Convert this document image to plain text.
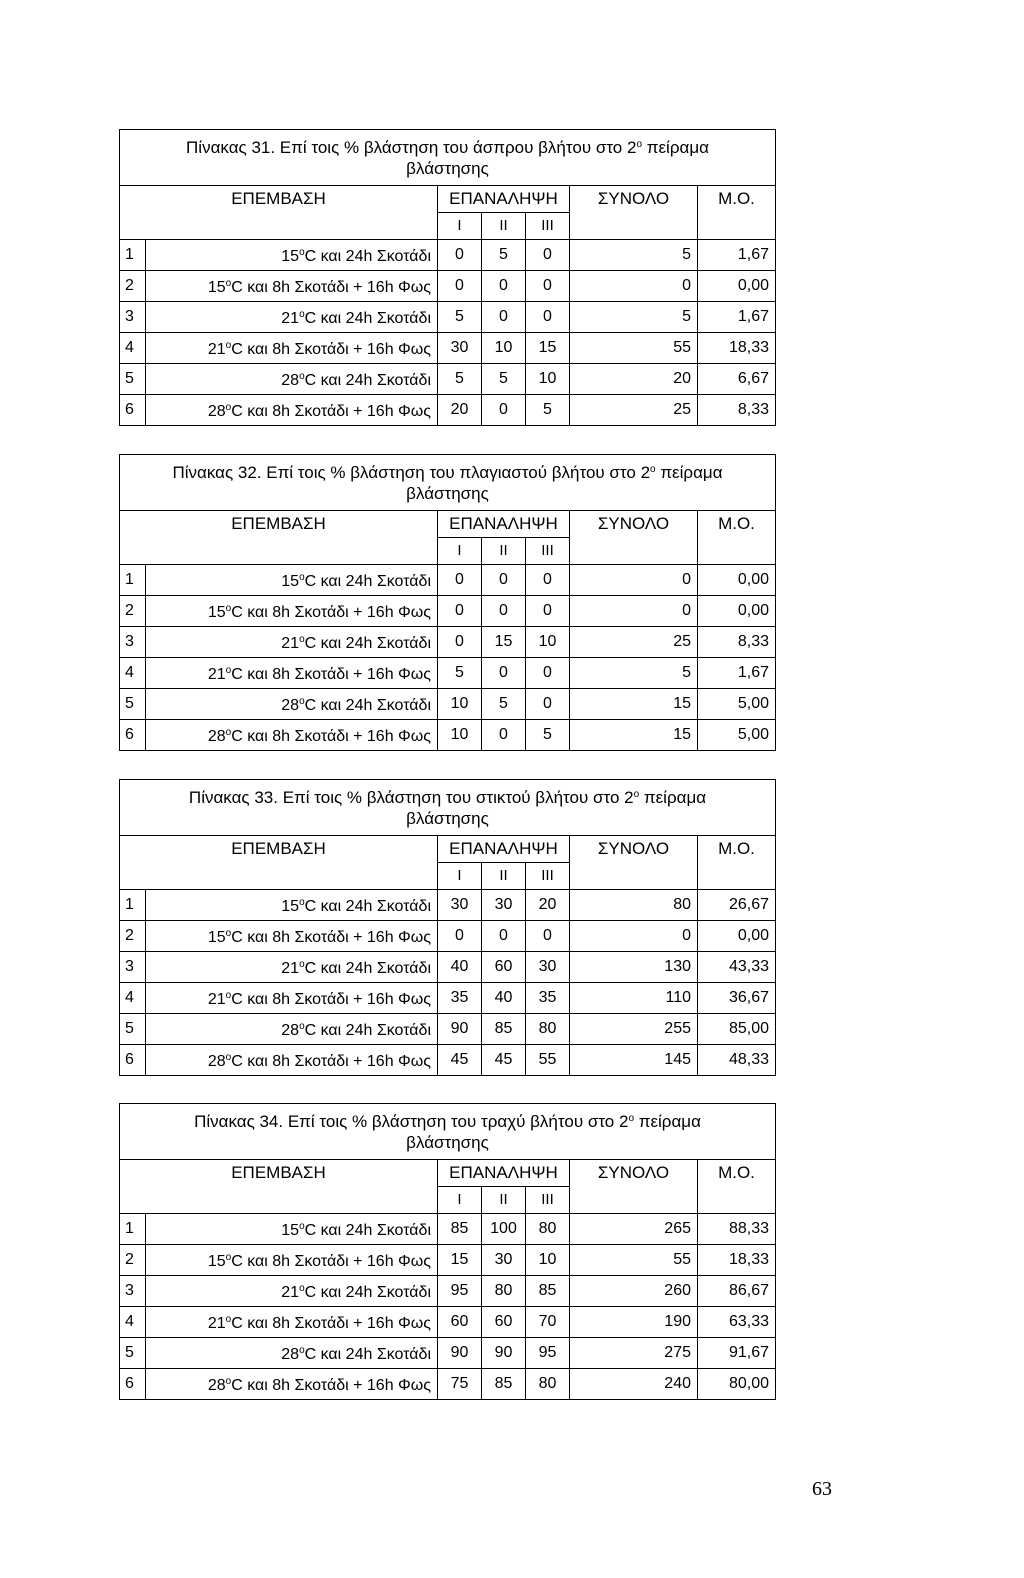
Πίνακας 31. Επί τοις % βλάστηση του άσπρου βλήτου στο $2^o$ πείραμα βλάστησης						
ΕΠΕΜΒΑΣΗ		ΕΠΑΝΑΛΗΨΗ			ΣΥΝΟΛΟ	Μ.Ο.
		I	II	III		
1	15$^o$C και 24h Σκοτάδι	0	5	0	5	1,67
2	15$^o$C και 8h Σκοτάδι + 16h Φως	0	0	0	0	0,00
3	21$^o$C και 24h Σκοτάδι	5	0	0	5	1,67
4	21$^o$C και 8h Σκοτάδι + 16h Φως	30	10	15	55	18,33
5	28$^o$C και 24h Σκοτάδι	5	5	10	20	6,67
6	28$^o$C και 8h Σκοτάδι + 16h Φως	20	0	5	25	8,33
Πίνακας 32. Επί τοις % βλάστηση του πλαγιαστού βλήτου στο $2^o$ πείραμα βλάστησης						
ΕΠΕΜΒΑΣΗ		ΕΠΑΝΑΛΗΨΗ			ΣΥΝΟΛΟ	Μ.Ο.
		I	II	III		
1	15$^o$C και 24h Σκοτάδι	0	0	0	0	0,00
2	15$^o$C και 8h Σκοτάδι + 16h Φως	0	0	0	0	0,00
3	21$^o$C και 24h Σκοτάδι	0	15	10	25	8,33
4	21$^o$C και 8h Σκοτάδι + 16h Φως	5	0	0	5	1,67
5	28$^o$C και 24h Σκοτάδι	10	5	0	15	5,00
6	28$^o$C και 8h Σκοτάδι + 16h Φως	10	0	5	15	5,00
Πίνακας 33. Επί τοις % βλάστηση του στικτού βλήτου στο $2^o$ πείραμα βλάστησης						
ΕΠΕΜΒΑΣΗ		ΕΠΑΝΑΛΗΨΗ			ΣΥΝΟΛΟ	Μ.Ο.
		I	II	III		
1	15$^o$C και 24h Σκοτάδι	30	30	20	80	26,67
2	15$^o$C και 8h Σκοτάδι + 16h Φως	0	0	0	0	0,00
3	21$^o$C και 24h Σκοτάδι	40	60	30	130	43,33
4	21$^o$C και 8h Σκοτάδι + 16h Φως	35	40	35	110	36,67
5	28$^o$C και 24h Σκοτάδι	90	85	80	255	85,00
6	28$^o$C και 8h Σκοτάδι + 16h Φως	45	45	55	145	48,33
Πίνακας 34. Επί τοις % βλάστηση του τραχύ βλήτου στο $2^o$ πείραμα βλάστησης						
ΕΠΕΜΒΑΣΗ		ΕΠΑΝΑΛΗΨΗ			ΣΥΝΟΛΟ	Μ.Ο.
		I	II	III		
1	15$^o$C και 24h Σκοτάδι	85	100	80	265	88,33
2	15$^o$C και 8h Σκοτάδι + 16h Φως	15	30	10	55	18,33
3	21$^o$C και 24h Σκοτάδι	95	80	85	260	86,67
4	21$^o$C και 8h Σκοτάδι + 16h Φως	60	60	70	190	63,33
5	28$^o$C και 24h Σκοτάδι	90	90	95	275	91,67
6	28$^o$C και 8h Σκοτάδι + 16h Φως	75	85	80	240	80,00
63
